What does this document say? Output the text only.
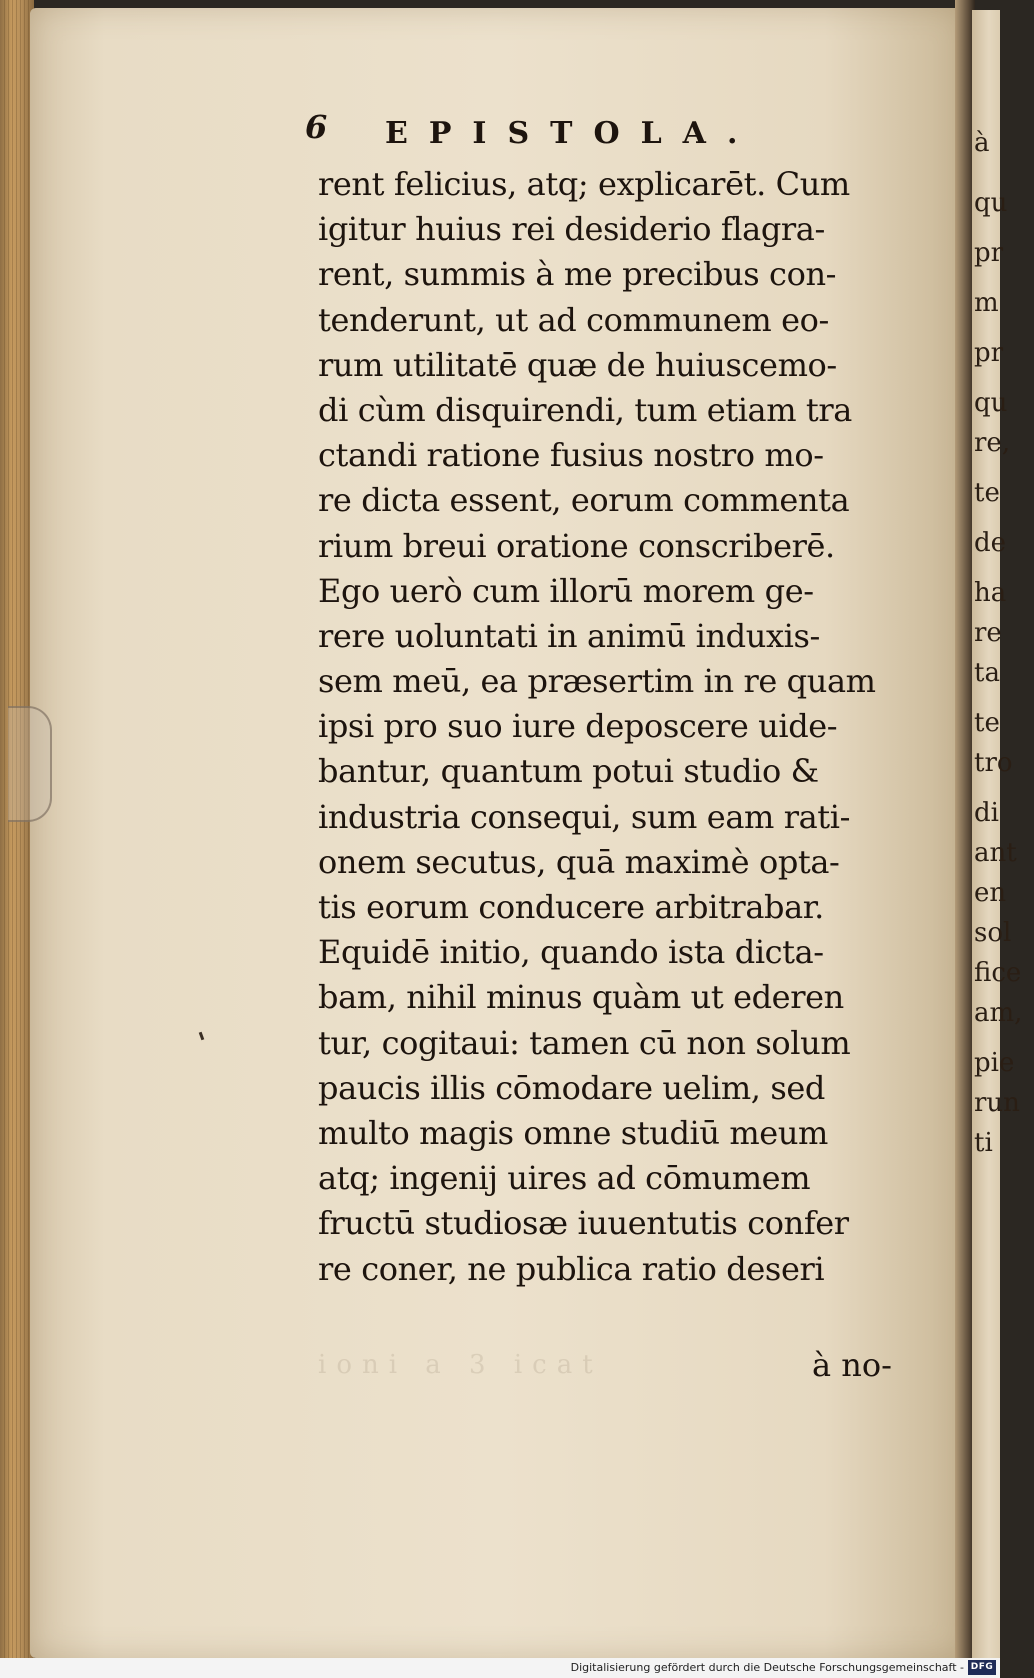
à
qu
pr
m
pr
qu
re,
te
de
ha
re
ta
te
tro
di
ant
en
sol
fice
am,
pie
run
ti
6 EPISTOLA.
rent felicius, atq; explicarēt. Cum
igitur huius rei desiderio flagra-
rent, summis à me precibus con-
tenderunt, ut ad communem eo-
rum utilitatē quæ de huiuscemo-
di cùm disquirendi, tum etiam tra
ctandi ratione fusius nostro mo-
re dicta essent, eorum commenta
rium breui oratione conscriberē.
Ego uerò cum illorū morem ge-
rere uoluntati in animū induxis-
sem meū, ea præsertim in re quam
ipsi pro suo iure deposcere uide-
bantur, quantum potui studio &
industria consequi, sum eam rati-
onem secutus, quā maximè opta-
tis eorum conducere arbitrabar.
Equidē initio, quando ista dicta-
bam, nihil minus quàm ut ederen
tur, cogitaui: tamen cū non solum
paucis illis cōmodare uelim, sed
multo magis omne studiū meum
atq; ingenij uires ad cōmumem
fructū studiosæ iuuentutis confer
re coner, ne publica ratio deseri
ioni a 3 icat	à no-
Digitalisierung gefördert durch die Deutsche Forschungsgemeinschaft - DFG
